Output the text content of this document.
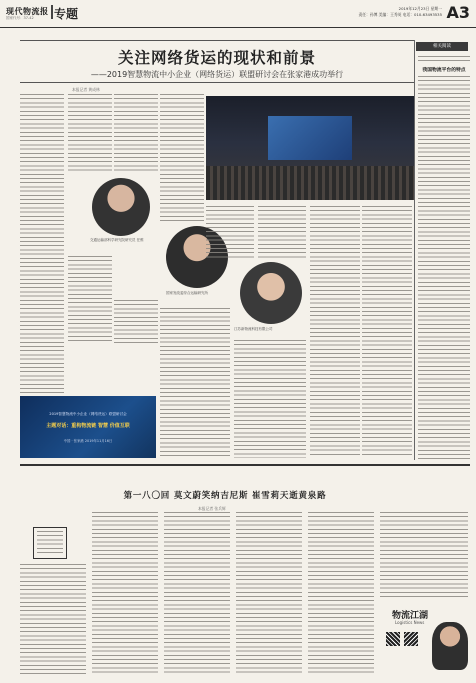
现代物流报
国家代号：37-42 专题	2019年12月23日 星期一
责任：孙博 美编：王秀英 电话：010-63493535 A3
关注网络货运的现状和前景
——2019智慧物流中小企业（网络货运）联盟研讨会在张家港成功举行
本报记者 黄成林
交通运输部科学研究院研究员 任维
国家发改委综合运输研究所
江苏新物流科技有限公司
2019智慧物流中小企业（网络货运）联盟研讨会
主题对话：重构物流链 智慧 价值互联
中国 · 张家港 2019年11月16日
相关阅读
我国物流平台的特点
第一八〇回 莫文蔚笑纳吉尼斯 崔雪莉天逝黄泉路
本报记者 张兵辉
物流江湖
Logistics News
